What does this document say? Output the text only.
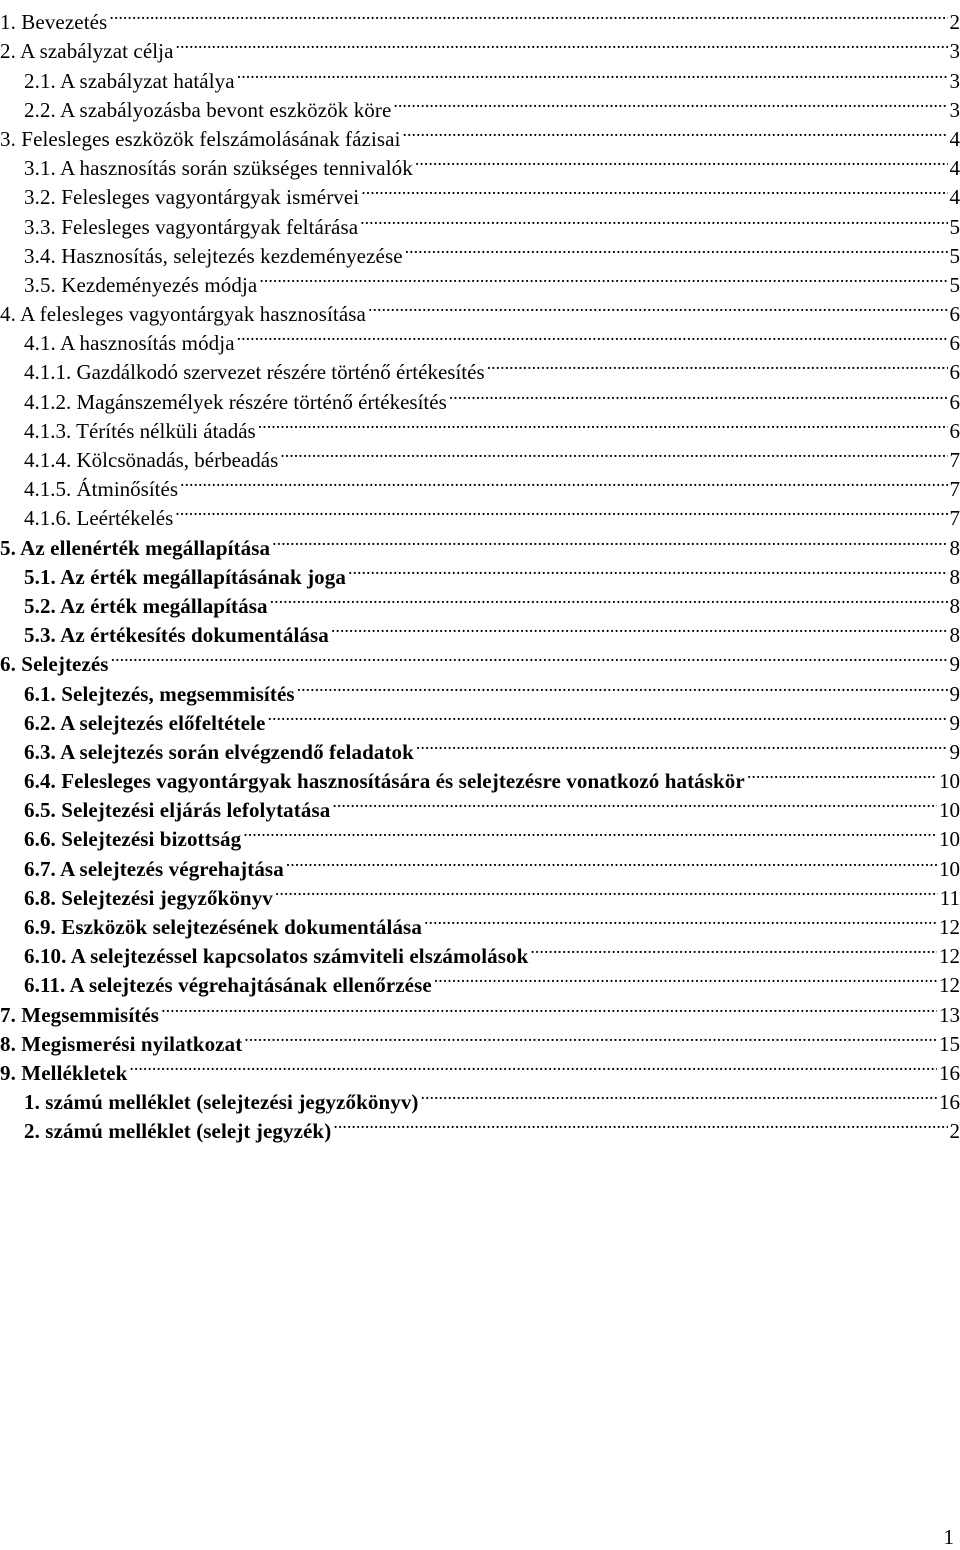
1. Bevezetés .....	2
2. A szabályzat célja .....	3
2.1. A szabályzat hatálya .....	3
2.2. A szabályozásba bevont eszközök köre .....	3
3. Felesleges eszközök felszámolásának fázisai .....	4
3.1. A hasznosítás során szükséges tennivalók .....	4
3.2. Felesleges vagyontárgyak ismérvei .....	4
3.3. Felesleges vagyontárgyak feltárása .....	5
3.4. Hasznosítás, selejtezés kezdeményezése .....	5
3.5. Kezdeményezés módja .....	5
4. A felesleges vagyontárgyak hasznosítása .....	6
4.1. A hasznosítás módja .....	6
4.1.1. Gazdálkodó szervezet részére történő értékesítés .....	6
4.1.2. Magánszemélyek részére történő értékesítés .....	6
4.1.3. Térítés nélküli átadás .....	6
4.1.4. Kölcsönadás, bérbeadás .....	7
4.1.5. Átminősítés .....	7
4.1.6. Leértékelés .....	7
5. Az ellenérték megállapítása .....	8
5.1. Az érték megállapításának joga .....	8
5.2. Az érték megállapítása .....	8
5.3. Az értékesítés dokumentálása .....	8
6. Selejtezés .....	9
6.1. Selejtezés, megsemmisítés .....	9
6.2. A selejtezés előfeltétele .....	9
6.3. A selejtezés során elvégzendő feladatok .....	9
6.4. Felesleges vagyontárgyak hasznosítására és selejtezésre vonatkozó hatáskör .....	10
6.5. Selejtezési eljárás lefolytatása .....	10
6.6. Selejtezési bizottság .....	10
6.7. A selejtezés végrehajtása .....	10
6.8. Selejtezési jegyzőkönyv .....	11
6.9. Eszközök selejtezésének dokumentálása .....	12
6.10. A selejtezéssel kapcsolatos számviteli elszámolások .....	12
6.11. A selejtezés végrehajtásának ellenőrzése .....	12
7. Megsemmisítés .....	13
8. Megismerési nyilatkozat .....	15
9. Mellékletek .....	16
1. számú melléklet (selejtezési jegyzőkönyv) .....	16
2. számú melléklet (selejt jegyzék) .....	2
1
